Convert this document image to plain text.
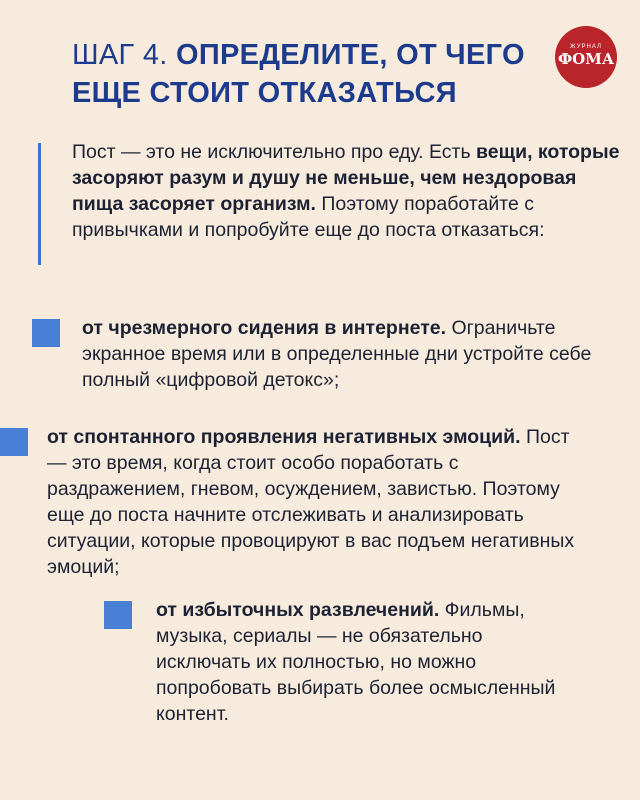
ШАГ 4. ОПРЕДЕЛИТЕ, ОТ ЧЕГО
ЕЩЕ СТОИТ ОТКАЗАТЬСЯ
ЖУРНАЛ
ФОМА
Пост — это не исключительно про еду. Есть вещи, которые засоряют разум и душу не меньше, чем нездоровая пища засоряет организм. Поэтому поработайте с привычками и попробуйте еще до поста отказаться:
от чрезмерного сидения в интернете. Ограничьте экранное время или в определенные дни устройте себе полный «цифровой детокс»;
от спонтанного проявления негативных эмоций. Пост — это время, когда стоит особо поработать с раздражением, гневом, осуждением, завистью. Поэтому еще до поста начните отслеживать и анализировать ситуации, которые провоцируют в вас подъем негативных эмоций;
от избыточных развлечений. Фильмы, музыка, сериалы — не обязательно исключать их полностью, но можно попробовать выбирать более осмысленный контент.
